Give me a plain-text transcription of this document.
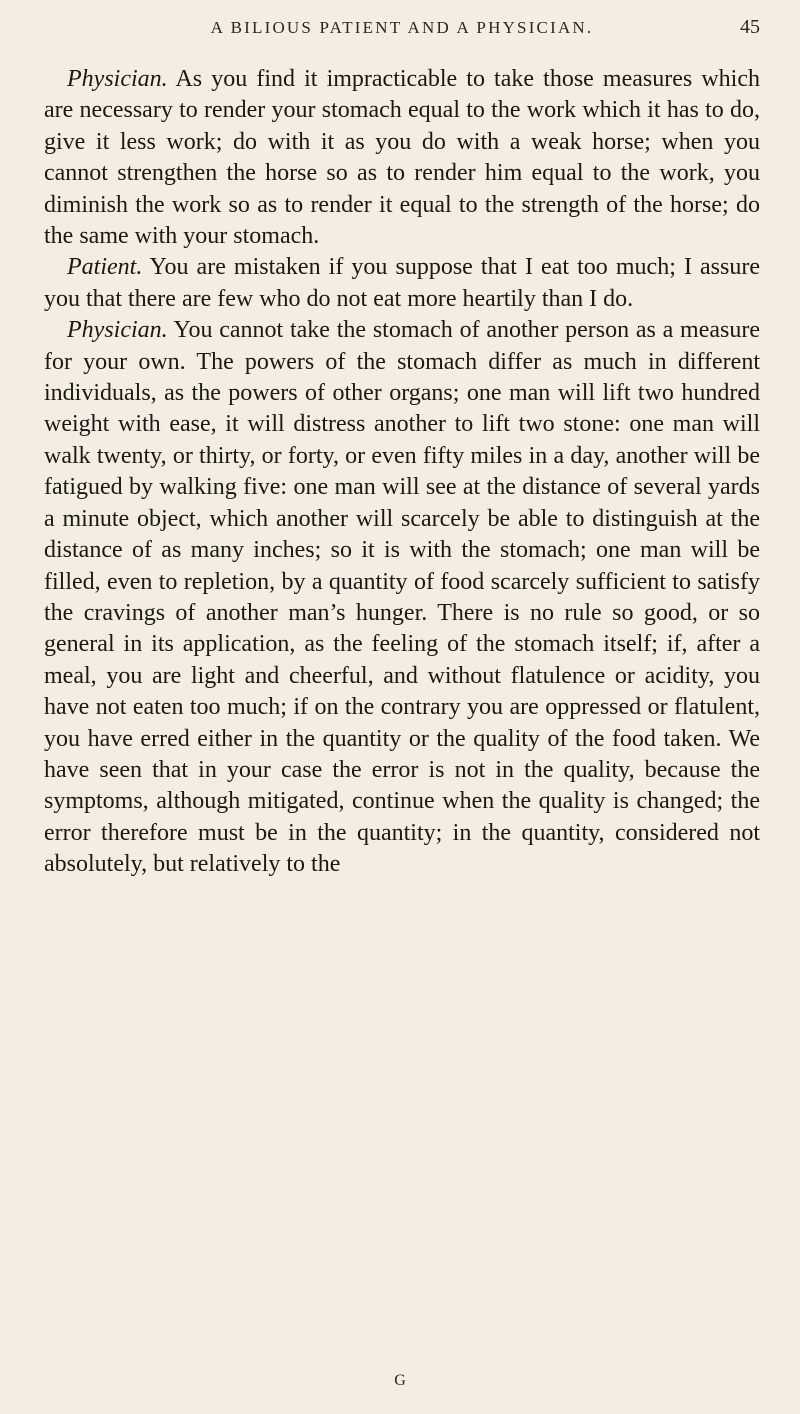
A BILIOUS PATIENT AND A PHYSICIAN.	45

Physician. As you find it impracticable to take those measures which are necessary to render your stomach equal to the work which it has to do, give it less work; do with it as you do with a weak horse; when you cannot strengthen the horse so as to render him equal to the work, you diminish the work so as to render it equal to the strength of the horse; do the same with your stomach.

Patient. You are mistaken if you suppose that I eat too much; I assure you that there are few who do not eat more heartily than I do.

Physician. You cannot take the stomach of another person as a measure for your own. The powers of the stomach differ as much in different individuals, as the powers of other organs; one man will lift two hundred weight with ease, it will distress another to lift two stone: one man will walk twenty, or thirty, or forty, or even fifty miles in a day, another will be fatigued by walking five: one man will see at the distance of several yards a minute object, which another will scarcely be able to distinguish at the distance of as many inches; so it is with the stomach; one man will be filled, even to repletion, by a quantity of food scarcely sufficient to satisfy the cravings of another man’s hunger. There is no rule so good, or so general in its application, as the feeling of the stomach itself; if, after a meal, you are light and cheerful, and without flatulence or acidity, you have not eaten too much; if on the contrary you are oppressed or flatulent, you have erred either in the quantity or the quality of the food taken. We have seen that in your case the error is not in the quality, because the symptoms, although mitigated, continue when the quality is changed; the error therefore must be in the quantity; in the quantity, considered not absolutely, but relatively to the

G
